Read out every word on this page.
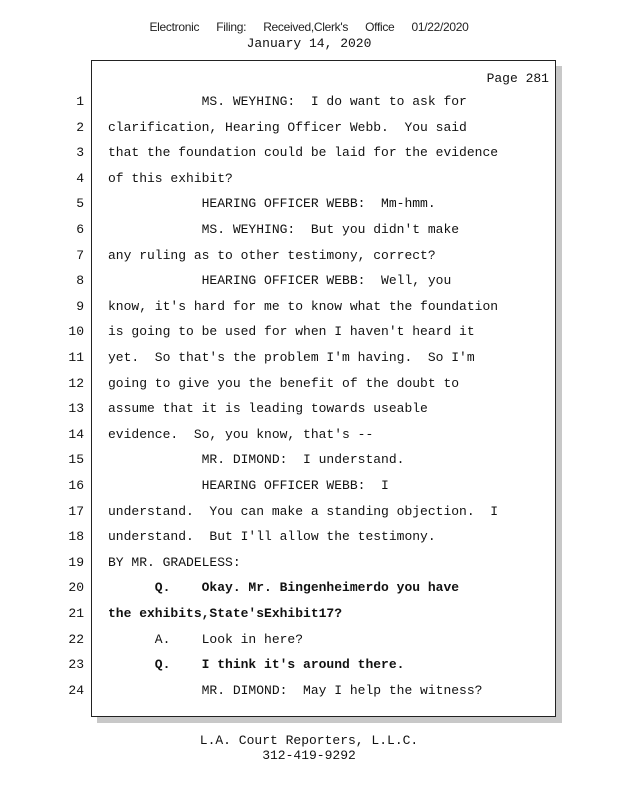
Electronic Filing: Received,Clerk's Office 01/22/2020
January 14, 2020
Page 281
1 MS. WEYHING:  I do want to ask for
2 clarification, Hearing Officer Webb.  You said
3 that the foundation could be laid for the evidence
4 of this exhibit?
5 HEARING OFFICER WEBB:  Mm-hmm.
6 MS. WEYHING:  But you didn't make
7 any ruling as to other testimony, correct?
8 HEARING OFFICER WEBB:  Well, you
9 know, it's hard for me to know what the foundation
10 is going to be used for when I haven't heard it
11 yet.  So that's the problem I'm having.  So I'm
12 going to give you the benefit of the doubt to
13 assume that it is leading towards useable
14 evidence.  So, you know, that's --
15 MR. DIMOND:  I understand.
16 HEARING OFFICER WEBB:  I
17 understand.  You can make a standing objection.  I
18 understand.  But I'll allow the testimony.
19 BY MR. GRADELESS:
20 Q.    Okay. Mr. Bingenheimerdo you have
21 the exhibits,State'sExhibit17?
22 A.    Look in here?
23 Q.    I think it's around there.
24 MR. DIMOND:  May I help the witness?
L.A. Court Reporters, L.L.C.
312-419-9292
